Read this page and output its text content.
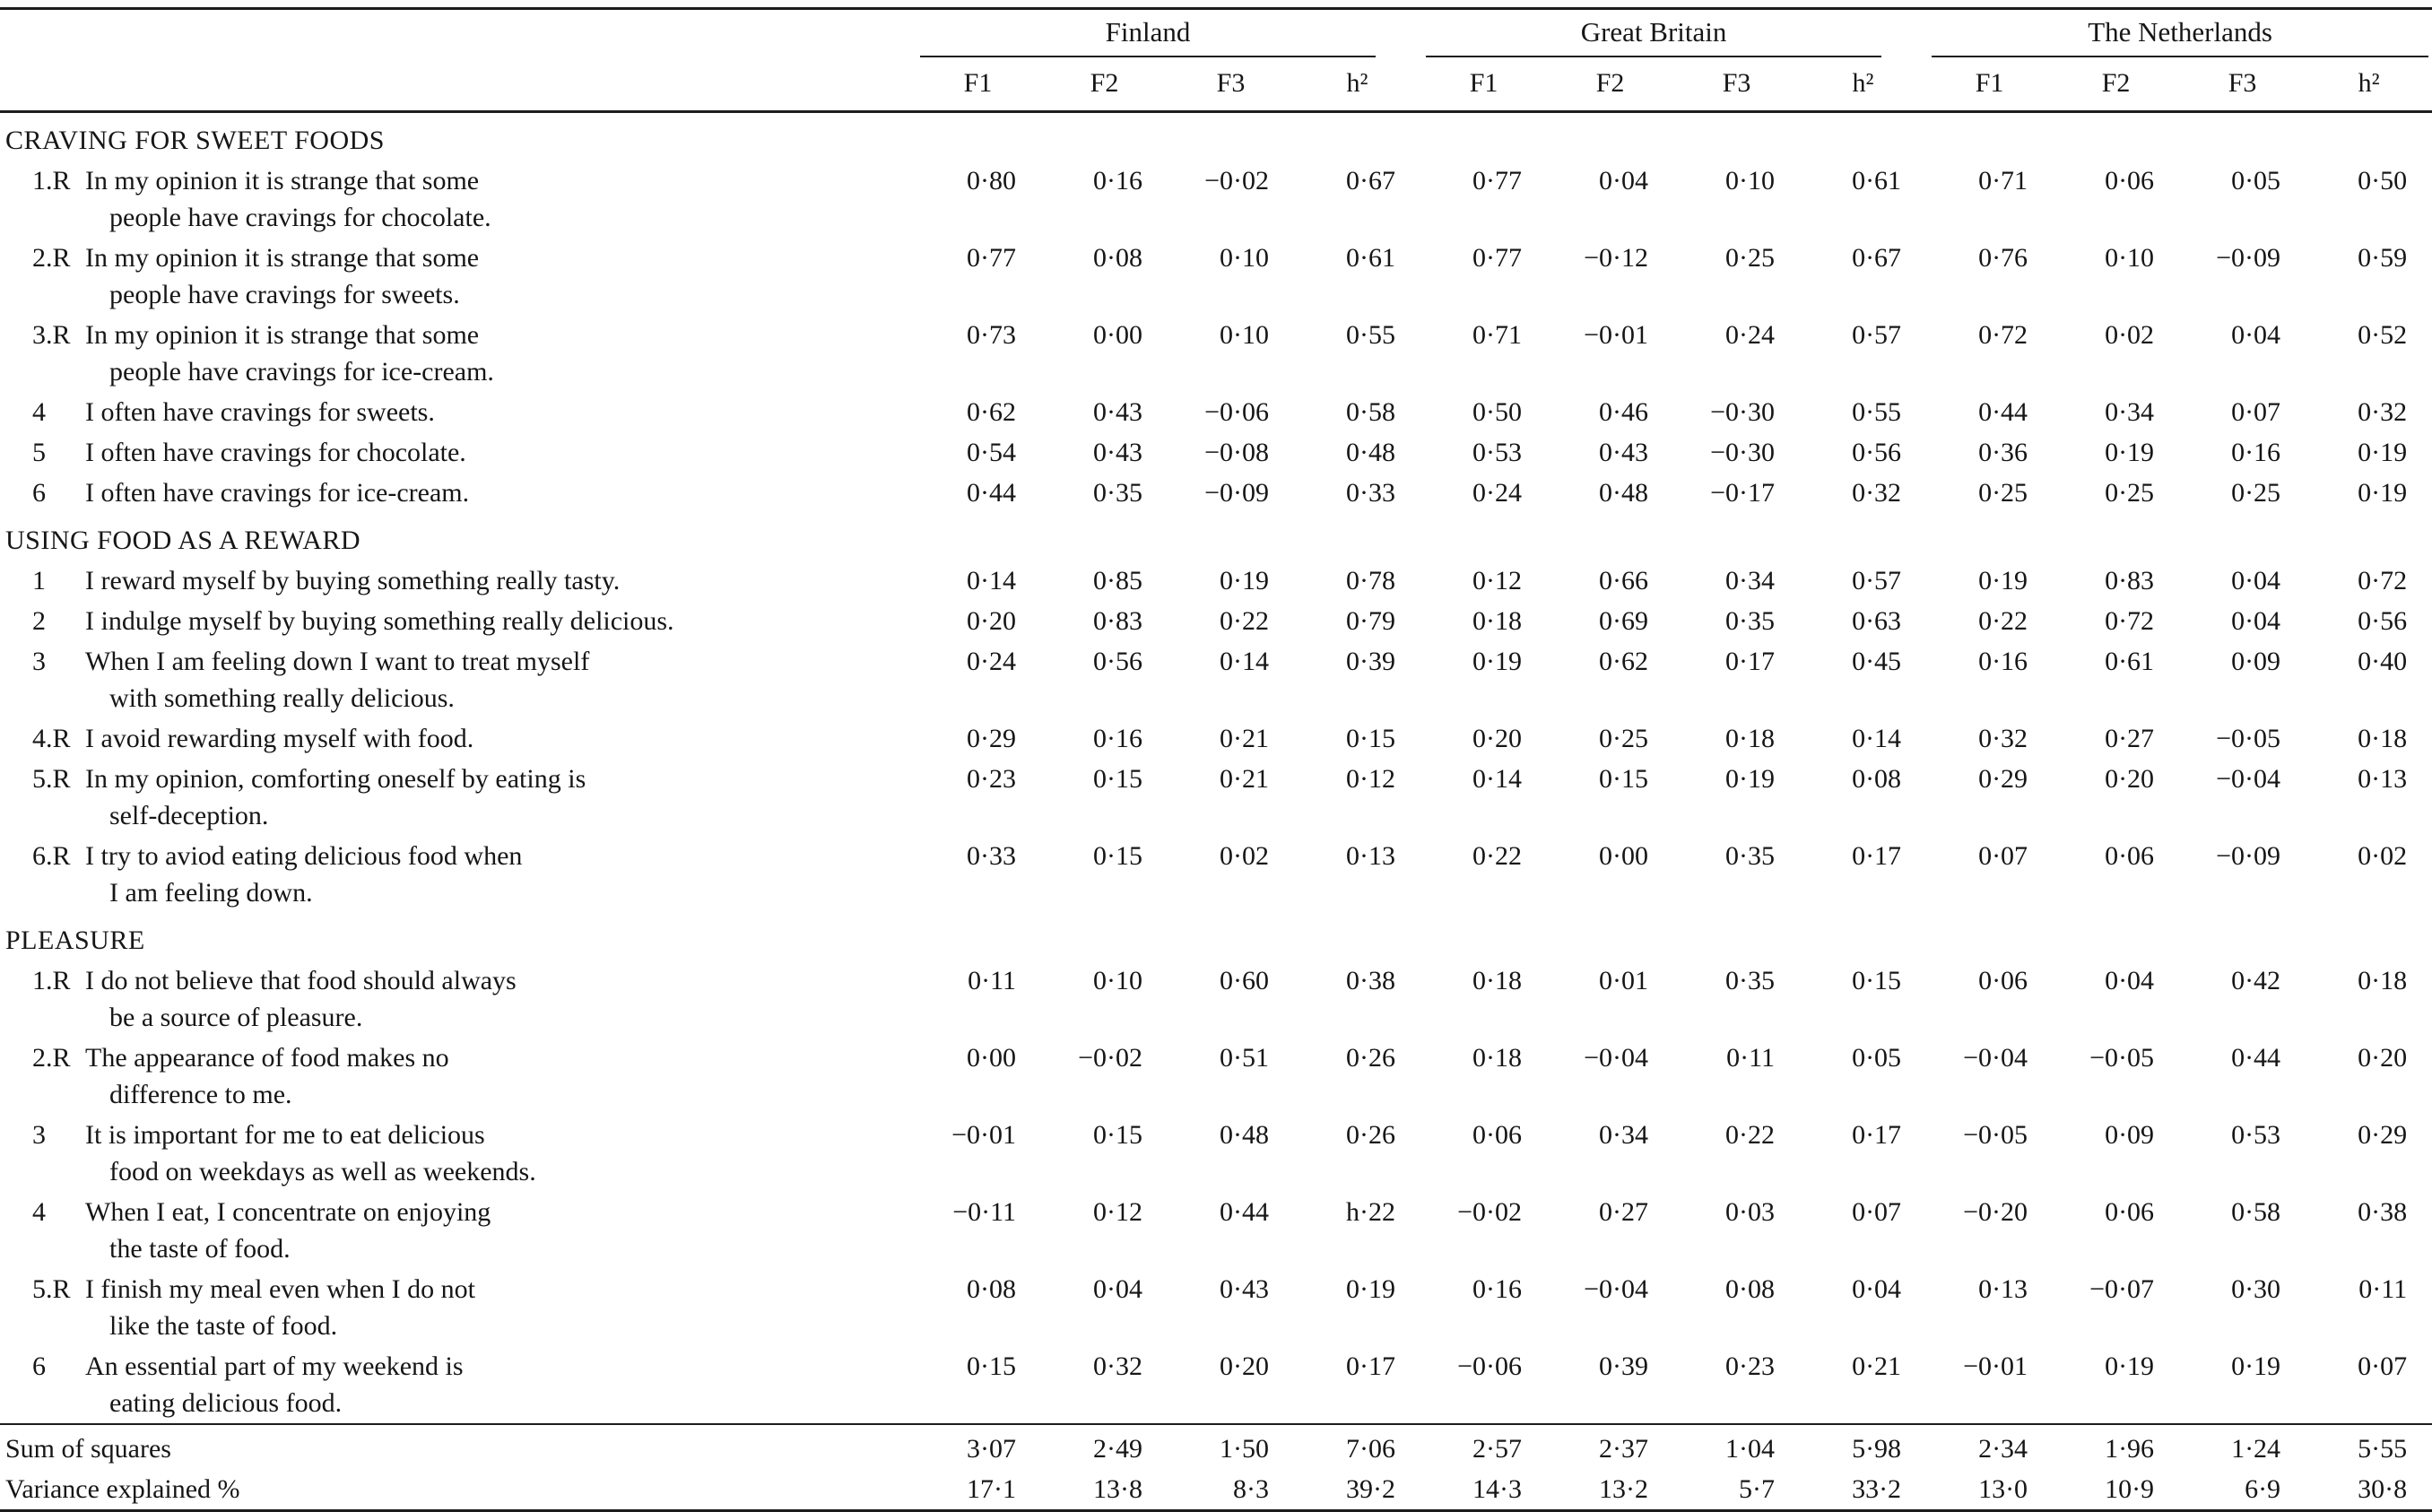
		Finland				Great Britain				The Netherlands			

		F1	F2	F3	h²	F1	F2	F3	h²	F1	F2	F3	h²
CRAVING FOR SWEET FOODS													
1.R	In my opinion it is strange that some
people have cravings for chocolate.	0·80	0·16	−0·02	0·67	0·77	0·04	0·10	0·61	0·71	0·06	0·05	0·50
2.R	In my opinion it is strange that some
people have cravings for sweets.	0·77	0·08	0·10	0·61	0·77	−0·12	0·25	0·67	0·76	0·10	−0·09	0·59
3.R	In my opinion it is strange that some
people have cravings for ice-cream.	0·73	0·00	0·10	0·55	0·71	−0·01	0·24	0·57	0·72	0·02	0·04	0·52
4	I often have cravings for sweets.	0·62	0·43	−0·06	0·58	0·50	0·46	−0·30	0·55	0·44	0·34	0·07	0·32
5	I often have cravings for chocolate.	0·54	0·43	−0·08	0·48	0·53	0·43	−0·30	0·56	0·36	0·19	0·16	0·19
6	I often have cravings for ice-cream.	0·44	0·35	−0·09	0·33	0·24	0·48	−0·17	0·32	0·25	0·25	0·25	0·19
USING FOOD AS A REWARD													
1	I reward myself by buying something really tasty.	0·14	0·85	0·19	0·78	0·12	0·66	0·34	0·57	0·19	0·83	0·04	0·72
2	I indulge myself by buying something really delicious.	0·20	0·83	0·22	0·79	0·18	0·69	0·35	0·63	0·22	0·72	0·04	0·56
3	When I am feeling down I want to treat myself
with something really delicious.	0·24	0·56	0·14	0·39	0·19	0·62	0·17	0·45	0·16	0·61	0·09	0·40
4.R	I avoid rewarding myself with food.	0·29	0·16	0·21	0·15	0·20	0·25	0·18	0·14	0·32	0·27	−0·05	0·18
5.R	In my opinion, comforting oneself by eating is
self-deception.	0·23	0·15	0·21	0·12	0·14	0·15	0·19	0·08	0·29	0·20	−0·04	0·13
6.R	I try to aviod eating delicious food when
I am feeling down.	0·33	0·15	0·02	0·13	0·22	0·00	0·35	0·17	0·07	0·06	−0·09	0·02
PLEASURE													
1.R	I do not believe that food should always
be a source of pleasure.	0·11	0·10	0·60	0·38	0·18	0·01	0·35	0·15	0·06	0·04	0·42	0·18
2.R	The appearance of food makes no
difference to me.	0·00	−0·02	0·51	0·26	0·18	−0·04	0·11	0·05	−0·04	−0·05	0·44	0·20
3	It is important for me to eat delicious
food on weekdays as well as weekends.	−0·01	0·15	0·48	0·26	0·06	0·34	0·22	0·17	−0·05	0·09	0·53	0·29
4	When I eat, I concentrate on enjoying
the taste of food.	−0·11	0·12	0·44	h·22	−0·02	0·27	0·03	0·07	−0·20	0·06	0·58	0·38
5.R	I finish my meal even when I do not
like the taste of food.	0·08	0·04	0·43	0·19	0·16	−0·04	0·08	0·04	0·13	−0·07	0·30	0·11
6	An essential part of my weekend is
eating delicious food.	0·15	0·32	0·20	0·17	−0·06	0·39	0·23	0·21	−0·01	0·19	0·19	0·07
Sum of squares		3·07	2·49	1·50	7·06	2·57	2·37	1·04	5·98	2·34	1·96	1·24	5·55
Variance explained %		17·1	13·8	8·3	39·2	14·3	13·2	5·7	33·2	13·0	10·9	6·9	30·8
